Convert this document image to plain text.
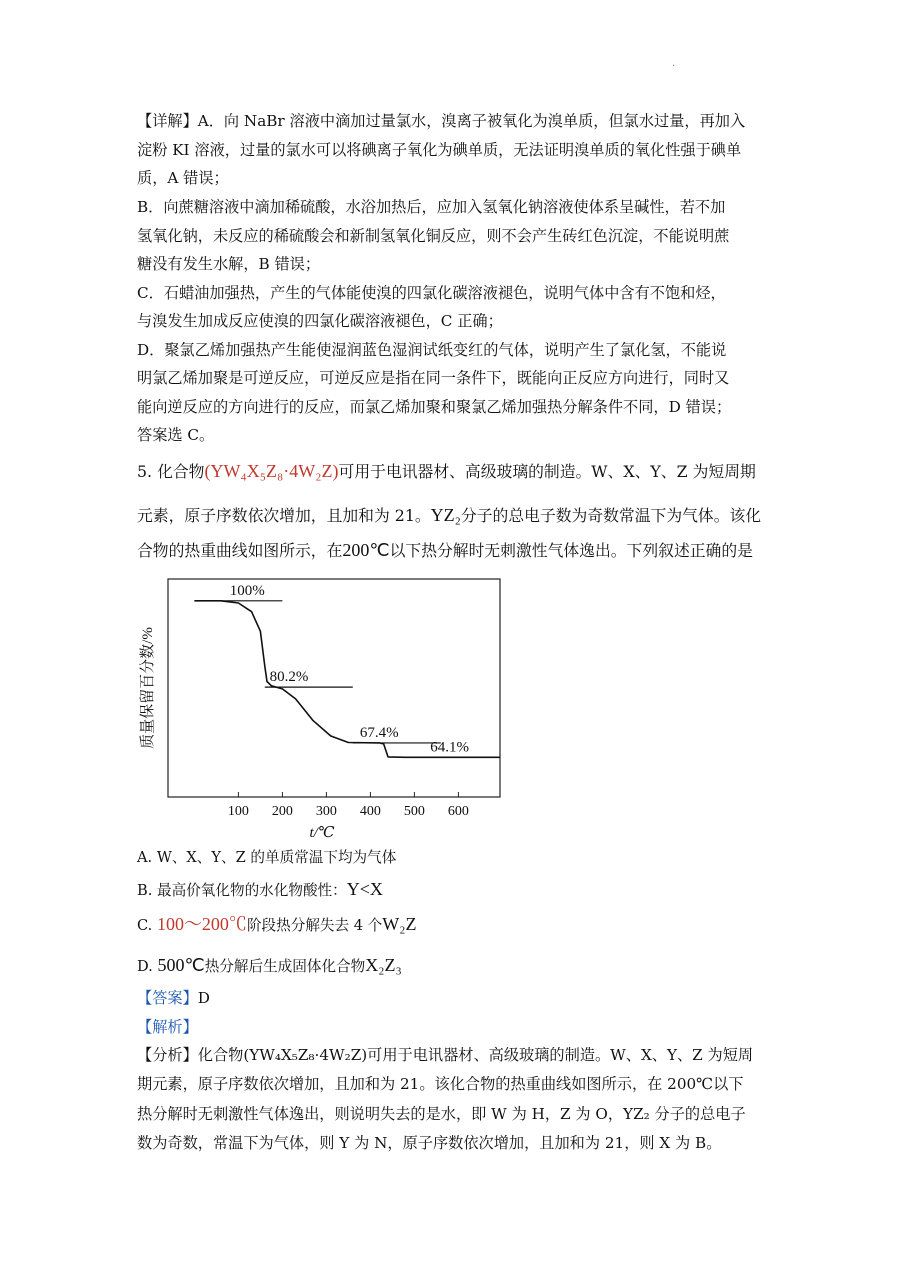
.
【详解】A．向 NaBr 溶液中滴加过量氯水，溴离子被氧化为溴单质，但氯水过量，再加入
淀粉 KI 溶液，过量的氯水可以将碘离子氧化为碘单质，无法证明溴单质的氧化性强于碘单
质，A 错误；
B．向蔗糖溶液中滴加稀硫酸，水浴加热后，应加入氢氧化钠溶液使体系呈碱性，若不加
氢氧化钠，未反应的稀硫酸会和新制氢氧化铜反应，则不会产生砖红色沉淀，不能说明蔗
糖没有发生水解，B 错误；
C．石蜡油加强热，产生的气体能使溴的四氯化碳溶液褪色，说明气体中含有不饱和烃，
与溴发生加成反应使溴的四氯化碳溶液褪色，C 正确；
D．聚氯乙烯加强热产生能使湿润蓝色湿润试纸变红的气体，说明产生了氯化氢，不能说
明氯乙烯加聚是可逆反应，可逆反应是指在同一条件下，既能向正反应方向进行，同时又
能向逆反应的方向进行的反应，而氯乙烯加聚和聚氯乙烯加强热分解条件不同，D 错误；
答案选 C。
5. 化合物(YW₄X₅Z₈·4W₂Z)可用于电讯器材、高级玻璃的制造。W、X、Y、Z 为短周期
元素，原子序数依次增加，且加和为 21。YZ₂分子的总电子数为奇数常温下为气体。该化
合物的热重曲线如图所示，在200℃以下热分解时无刺激性气体逸出。下列叙述正确的是
100 200 300 400 500 600
100%
80.2%
67.4%
64.1%
质量保留百分数/%
t/℃
A. W、X、Y、Z 的单质常温下均为气体
B. 最高价氧化物的水化物酸性：Y<X
C. 100～200℃阶段热分解失去 4 个W₂Z
D. 500℃热分解后生成固体化合物X₂Z₃
【答案】D
【解析】
【分析】化合物(YW₄X₅Z₈·4W₂Z)可用于电讯器材、高级玻璃的制造。W、X、Y、Z 为短周
期元素，原子序数依次增加，且加和为 21。该化合物的热重曲线如图所示，在 200℃以下
热分解时无刺激性气体逸出，则说明失去的是水，即 W 为 H，Z 为 O，YZ₂ 分子的总电子
数为奇数，常温下为气体，则 Y 为 N，原子序数依次增加，且加和为 21，则 X 为 B。
